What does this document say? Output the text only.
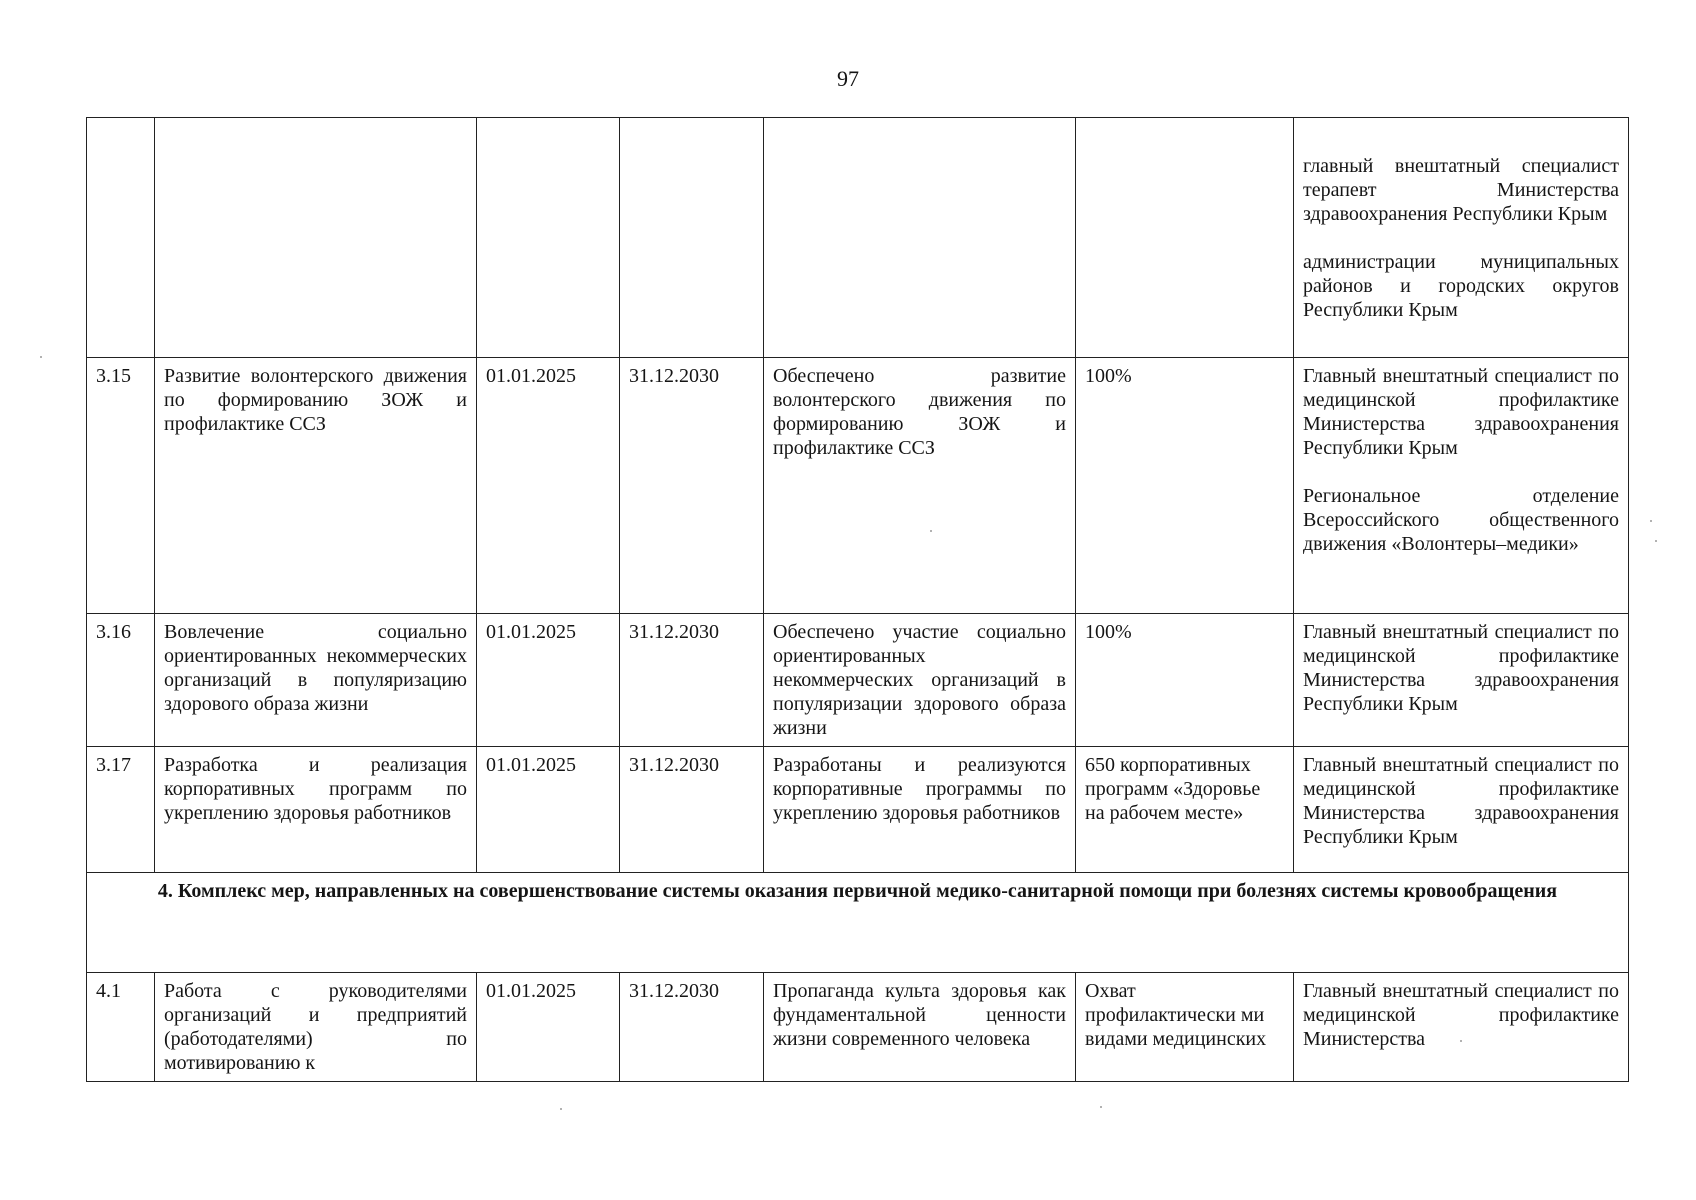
97

						главный внештатный специалист терапевт Министерства здравоохранения Республики Крым
администрации муниципальных районов и городских округов Республики Крым

3.15	Развитие волонтерского движения по формированию ЗОЖ и профилактике ССЗ	01.01.2025	31.12.2030	Обеспечено развитие волонтерского движения по формированию ЗОЖ и профилактике ССЗ	100%	Главный внештатный специалист по медицинской профилактике Министерства здравоохранения Республики Крым
Региональное отделение Всероссийского общественного движения «Волонтеры–медики»

3.16	Вовлечение социально ориентированных некоммерческих организаций в популяризацию здорового образа жизни	01.01.2025	31.12.2030	Обеспечено участие социально ориентированных некоммерческих организаций в популяризации здорового образа жизни	100%	Главный внештатный специалист по медицинской профилактике Министерства здравоохранения Республики Крым

3.17	Разработка и реализация корпоративных программ по укреплению здоровья работников	01.01.2025	31.12.2030	Разработаны и реализуются корпоративные программы по укреплению здоровья работников	650 корпоративных программ «Здоровье на рабочем месте»	Главный внештатный специалист по медицинской профилактике Министерства здравоохранения Республики Крым

4. Комплекс мер, направленных на совершенствование системы оказания первичной медико-санитарной помощи при болезнях системы кровообращения						
4.1	Работа с руководителями организаций и предприятий (работодателями) по мотивированию к	01.01.2025	31.12.2030	Пропаганда культа здоровья как фундаментальной ценности жизни современного человека	Охват профилактически ми видами медицинских	Главный внештатный специалист по медицинской профилактике Министерства
